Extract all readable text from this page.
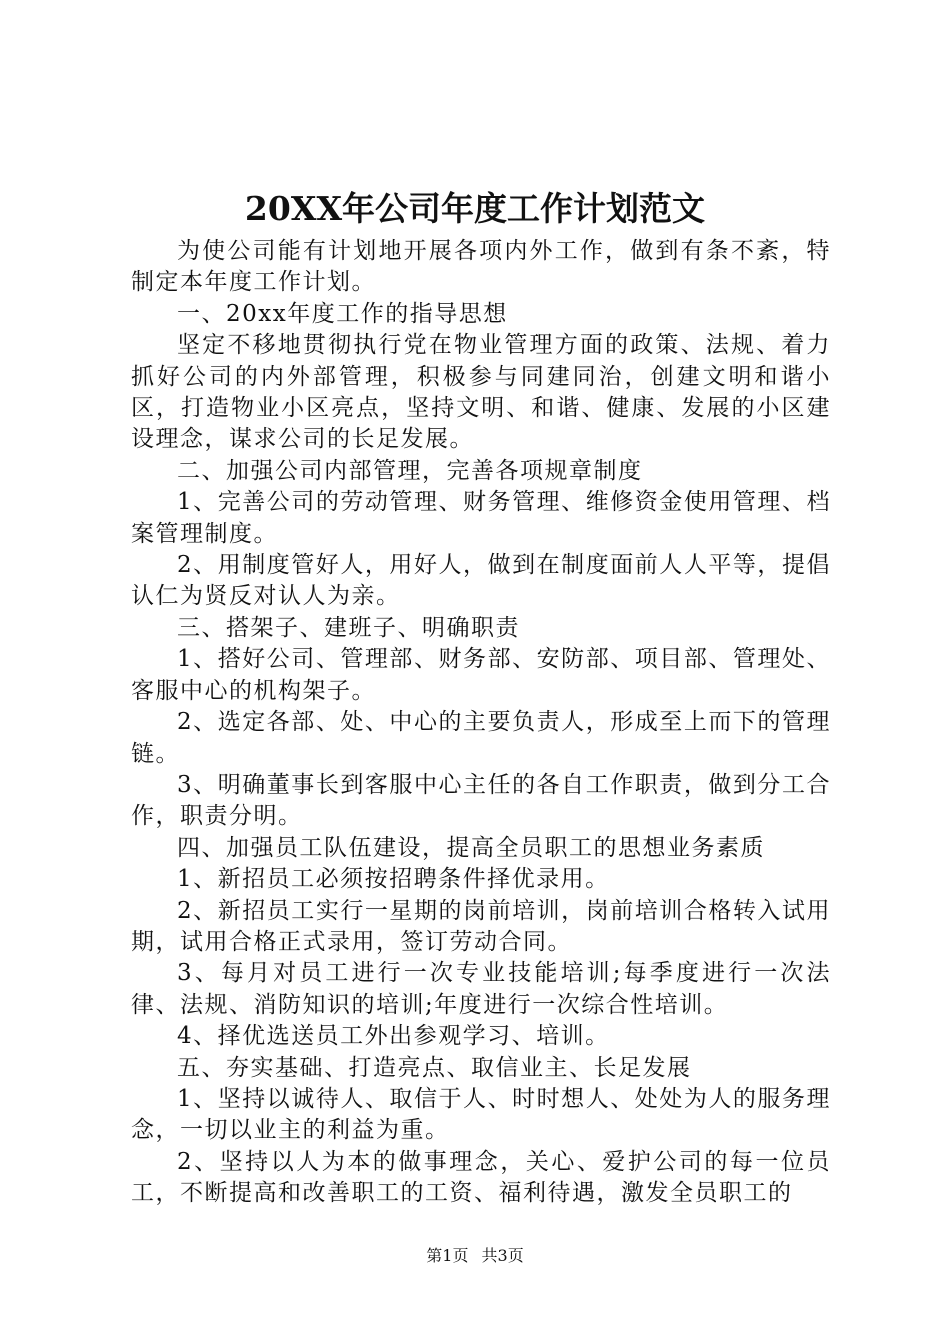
20XX年公司年度工作计划范文

为使公司能有计划地开展各项内外工作，做到有条不紊，特制定本年度工作计划。

一、20xx年度工作的指导思想

坚定不移地贯彻执行党在物业管理方面的政策、法规、着力抓好公司的内外部管理，积极参与同建同治，创建文明和谐小区，打造物业小区亮点，坚持文明、和谐、健康、发展的小区建设理念，谋求公司的长足发展。

二、加强公司内部管理，完善各项规章制度

1、完善公司的劳动管理、财务管理、维修资金使用管理、档案管理制度。

2、用制度管好人，用好人，做到在制度面前人人平等，提倡认仁为贤反对认人为亲。

三、搭架子、建班子、明确职责

1、搭好公司、管理部、财务部、安防部、项目部、管理处、客服中心的机构架子。

2、选定各部、处、中心的主要负责人，形成至上而下的管理链。

3、明确董事长到客服中心主任的各自工作职责，做到分工合作，职责分明。

四、加强员工队伍建设，提高全员职工的思想业务素质

1、新招员工必须按招聘条件择优录用。

2、新招员工实行一星期的岗前培训，岗前培训合格转入试用期，试用合格正式录用，签订劳动合同。

3、每月对员工进行一次专业技能培训;每季度进行一次法律、法规、消防知识的培训;年度进行一次综合性培训。

4、择优选送员工外出参观学习、培训。

五、夯实基础、打造亮点、取信业主、长足发展

1、坚持以诚待人、取信于人、时时想人、处处为人的服务理念，一切以业主的利益为重。

2、坚持以人为本的做事理念，关心、爱护公司的每一位员工，不断提高和改善职工的工资、福利待遇，激发全员职工的

第1页 共3页
